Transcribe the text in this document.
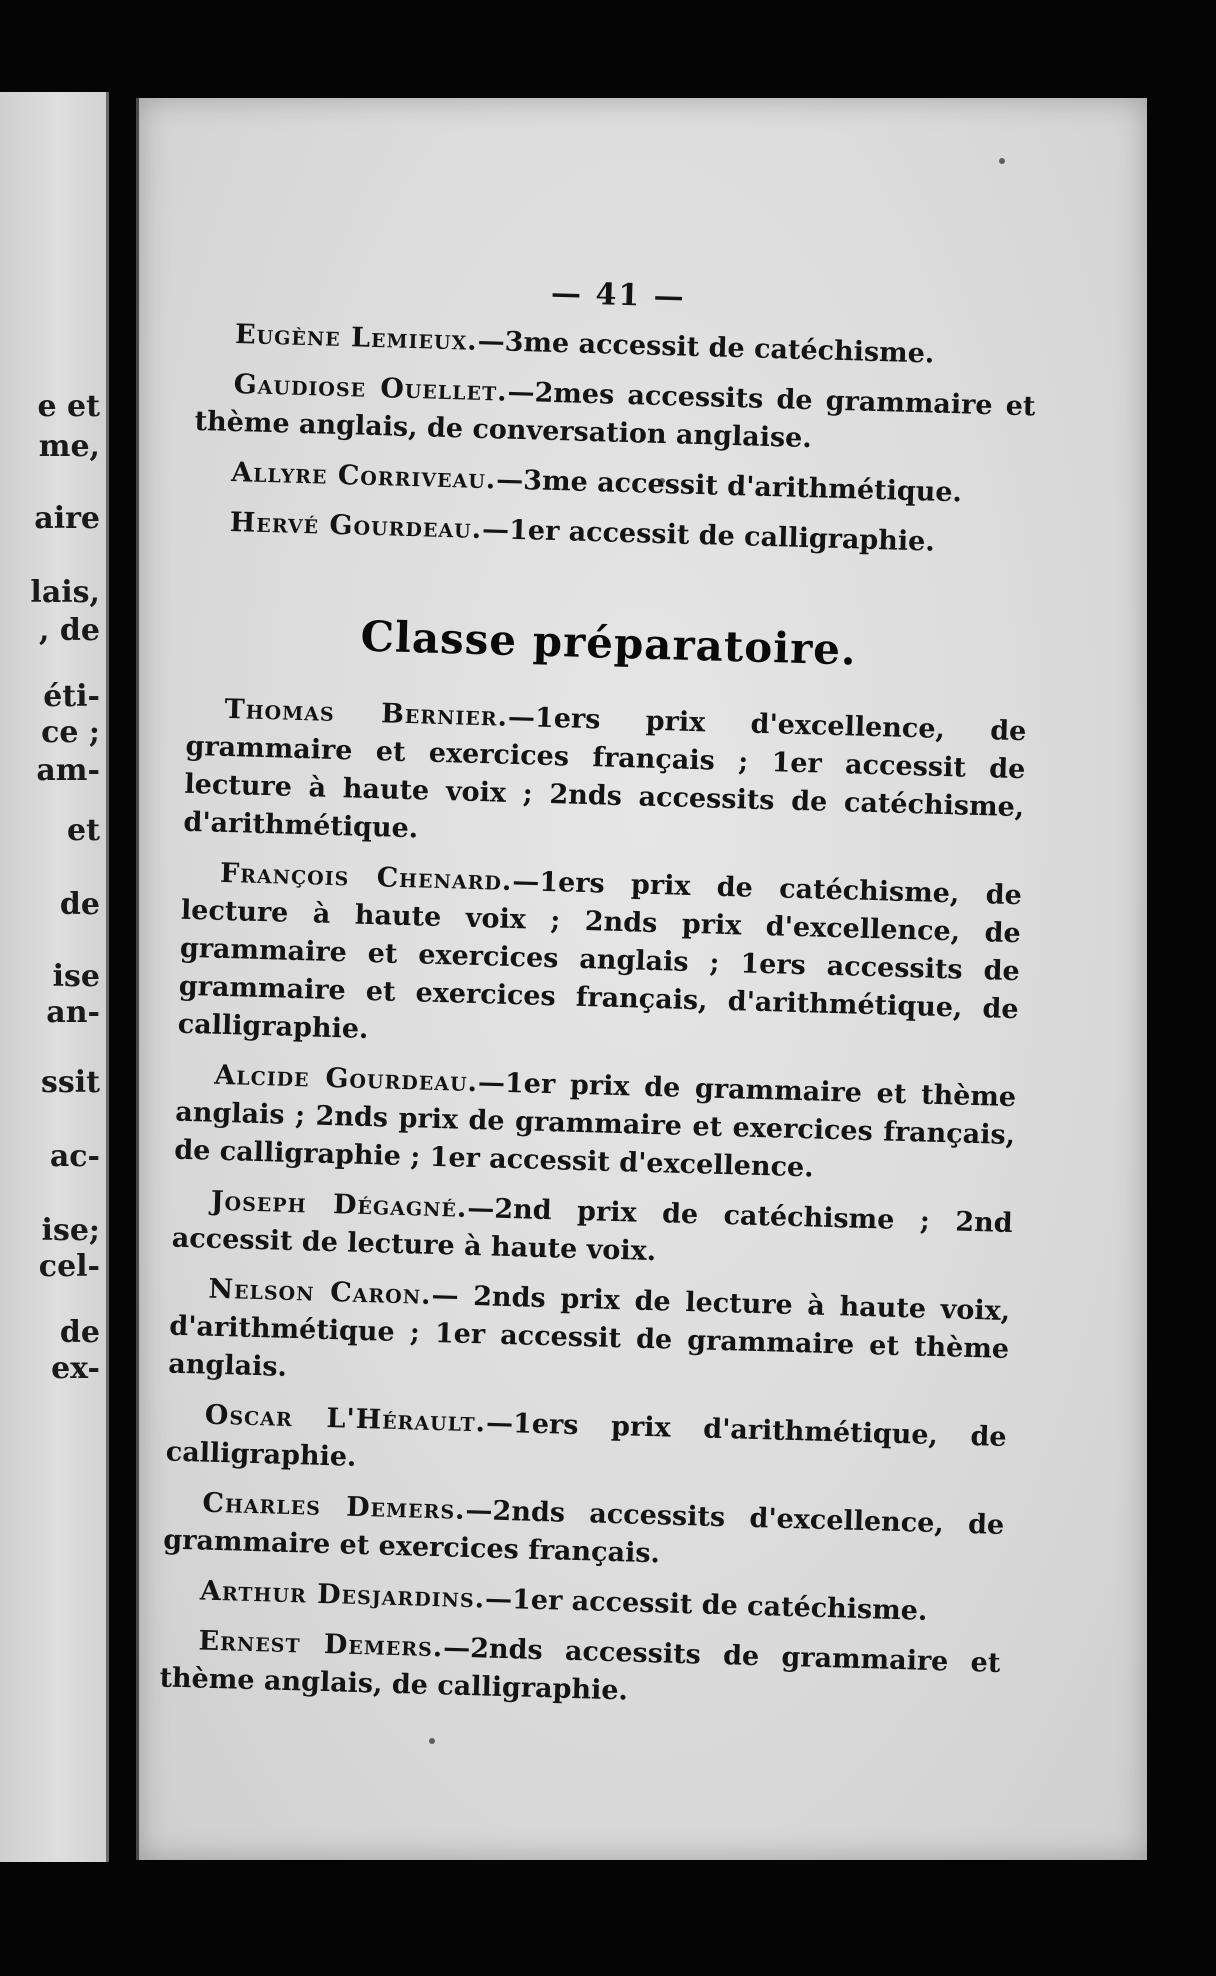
e et
me,
aire
lais,
, de
éti-
ce ;
am-
et
de
ise
an-
ssit
ac-
ise;
cel-
de
ex-
— 41 —

Eugène Lemieux.—3me accessit de catéchisme.

Gaudiose Ouellet.—2mes accessits de grammaire et thème anglais, de conversation anglaise.

Allyre Corriveau.—3me accessit d'arithmétique.

Hervé Gourdeau.—1er accessit de calligraphie.

Classe préparatoire.

Thomas Bernier.—1ers prix d'excellence, de grammaire et exercices français ; 1er accessit de lecture à haute voix ; 2nds accessits de catéchisme, d'arithmétique.

François Chenard.—1ers prix de catéchisme, de lecture à haute voix ; 2nds prix d'excellence, de grammaire et exercices anglais ; 1ers accessits de grammaire et exercices français, d'arithmétique, de calligraphie.

Alcide Gourdeau.—1er prix de grammaire et thème anglais ; 2nds prix de grammaire et exercices français, de calligraphie ; 1er accessit d'excellence.

Joseph Dégagné.—2nd prix de catéchisme ; 2nd accessit de lecture à haute voix.

Nelson Caron.— 2nds prix de lecture à haute voix, d'arithmétique ; 1er accessit de grammaire et thème anglais.

Oscar L'Hérault.—1ers prix d'arithmétique, de calligraphie.

Charles Demers.—2nds accessits d'excellence, de grammaire et exercices français.

Arthur Desjardins.—1er accessit de catéchisme.

Ernest Demers.—2nds accessits de grammaire et thème anglais, de calligraphie.
